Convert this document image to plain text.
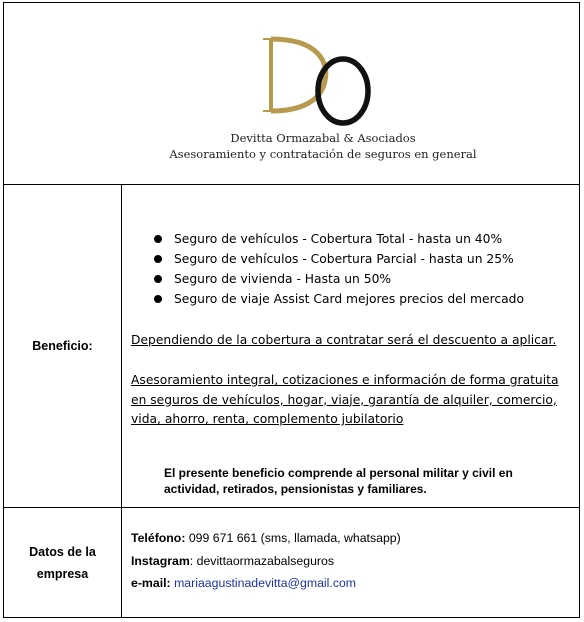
Devitta Ormazabal & Asociados
Asesoramiento y contratación de seguros en general
Beneficio:
Seguro de vehículos - Cobertura Total - hasta un 40%
Seguro de vehículos - Cobertura Parcial - hasta un 25%
Seguro de vivienda - Hasta un 50%
Seguro de viaje Assist Card mejores precios del mercado
Dependiendo de la cobertura a contratar será el descuento a aplicar.
Asesoramiento integral, cotizaciones e información de forma gratuita en seguros de vehículos, hogar, viaje, garantía de alquiler, comercio, vida, ahorro, renta, complemento jubilatorio
El presente beneficio comprende al personal militar y civil en actividad, retirados, pensionistas y familiares.
Datos de la
empresa
Teléfono: 099 671 661 (sms, llamada, whatsapp)
Instagram: devittaormazabalseguros
e-mail: mariaagustinadevitta@gmail.com
